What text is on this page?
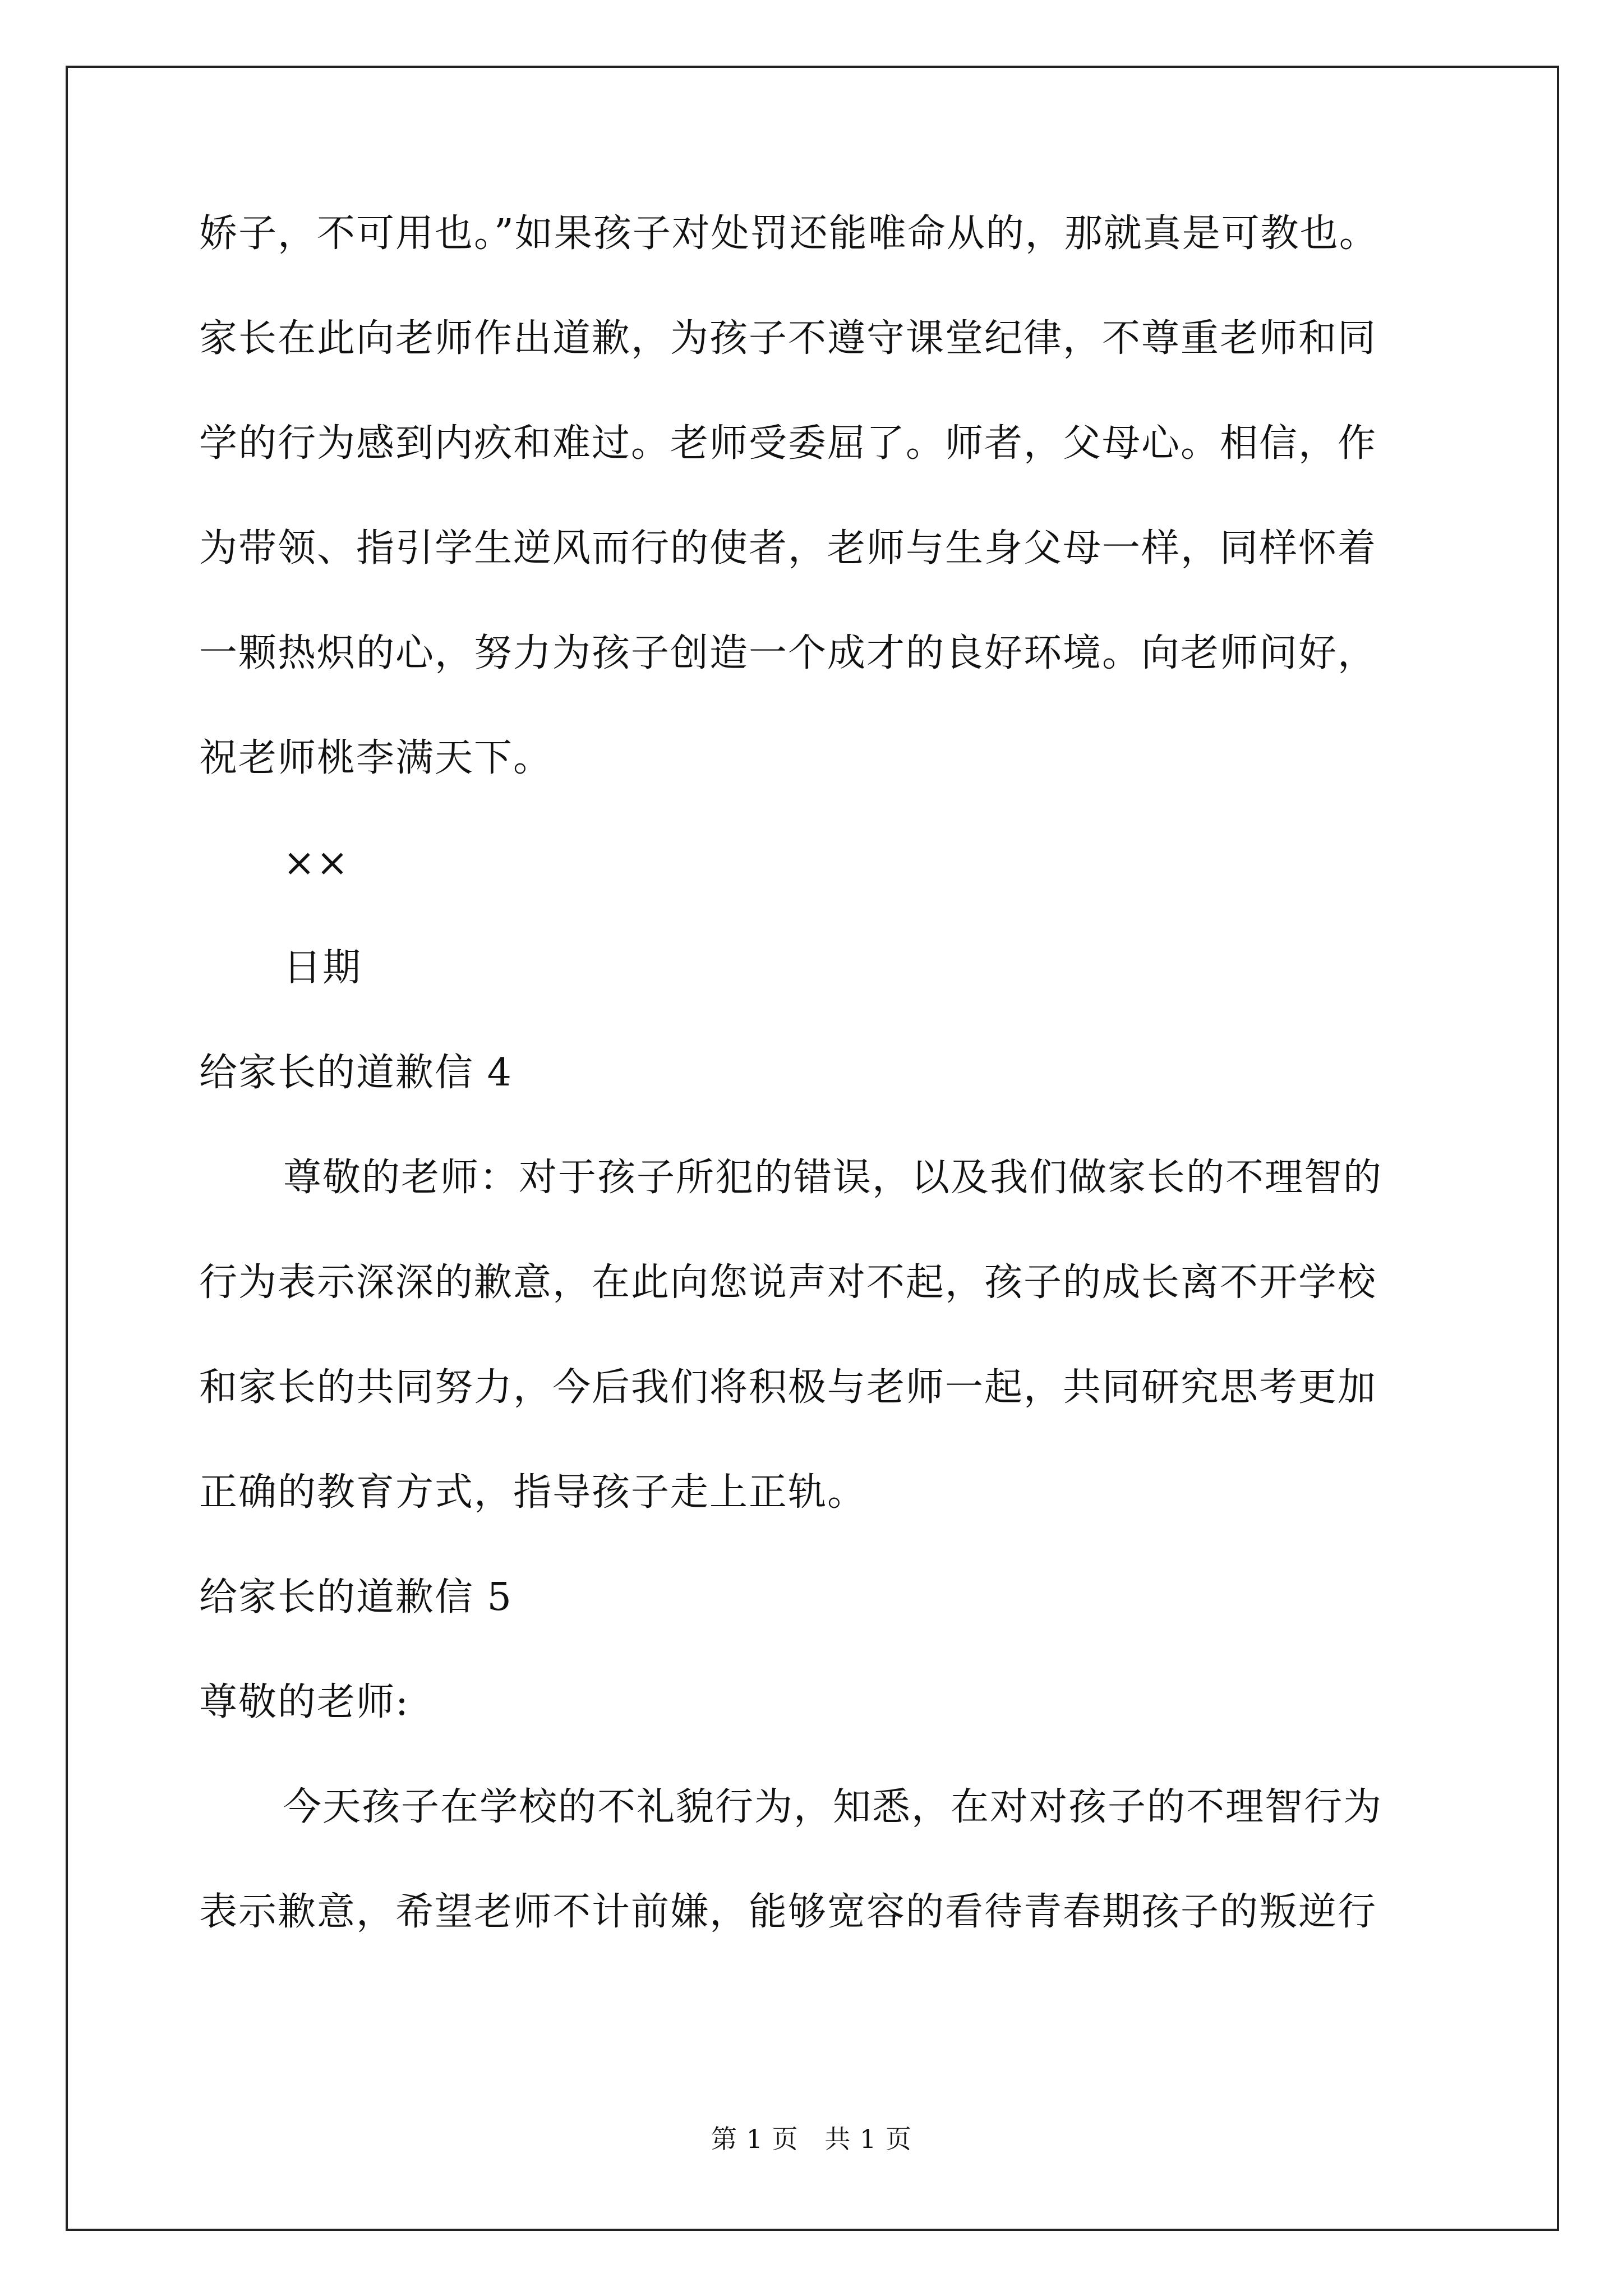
娇子，不可用也。”如果孩子对处罚还能唯命从的，那就真是可教也。
家长在此向老师作出道歉，为孩子不遵守课堂纪律，不尊重老师和同
学的行为感到内疚和难过。老师受委屈了。师者，父母心。相信，作
为带领、指引学生逆风而行的使者，老师与生身父母一样，同样怀着
一颗热炽的心，努力为孩子创造一个成才的良好环境。向老师问好，
祝老师桃李满天下。
××
日期
给家长的道歉信 4
尊敬的老师：对于孩子所犯的错误，以及我们做家长的不理智的
行为表示深深的歉意，在此向您说声对不起，孩子的成长离不开学校
和家长的共同努力，今后我们将积极与老师一起，共同研究思考更加
正确的教育方式，指导孩子走上正轨。
给家长的道歉信 5
尊敬的老师:
今天孩子在学校的不礼貌行为，知悉，在对对孩子的不理智行为
表示歉意，希望老师不计前嫌，能够宽容的看待青春期孩子的叛逆行
第 1 页   共 1 页
